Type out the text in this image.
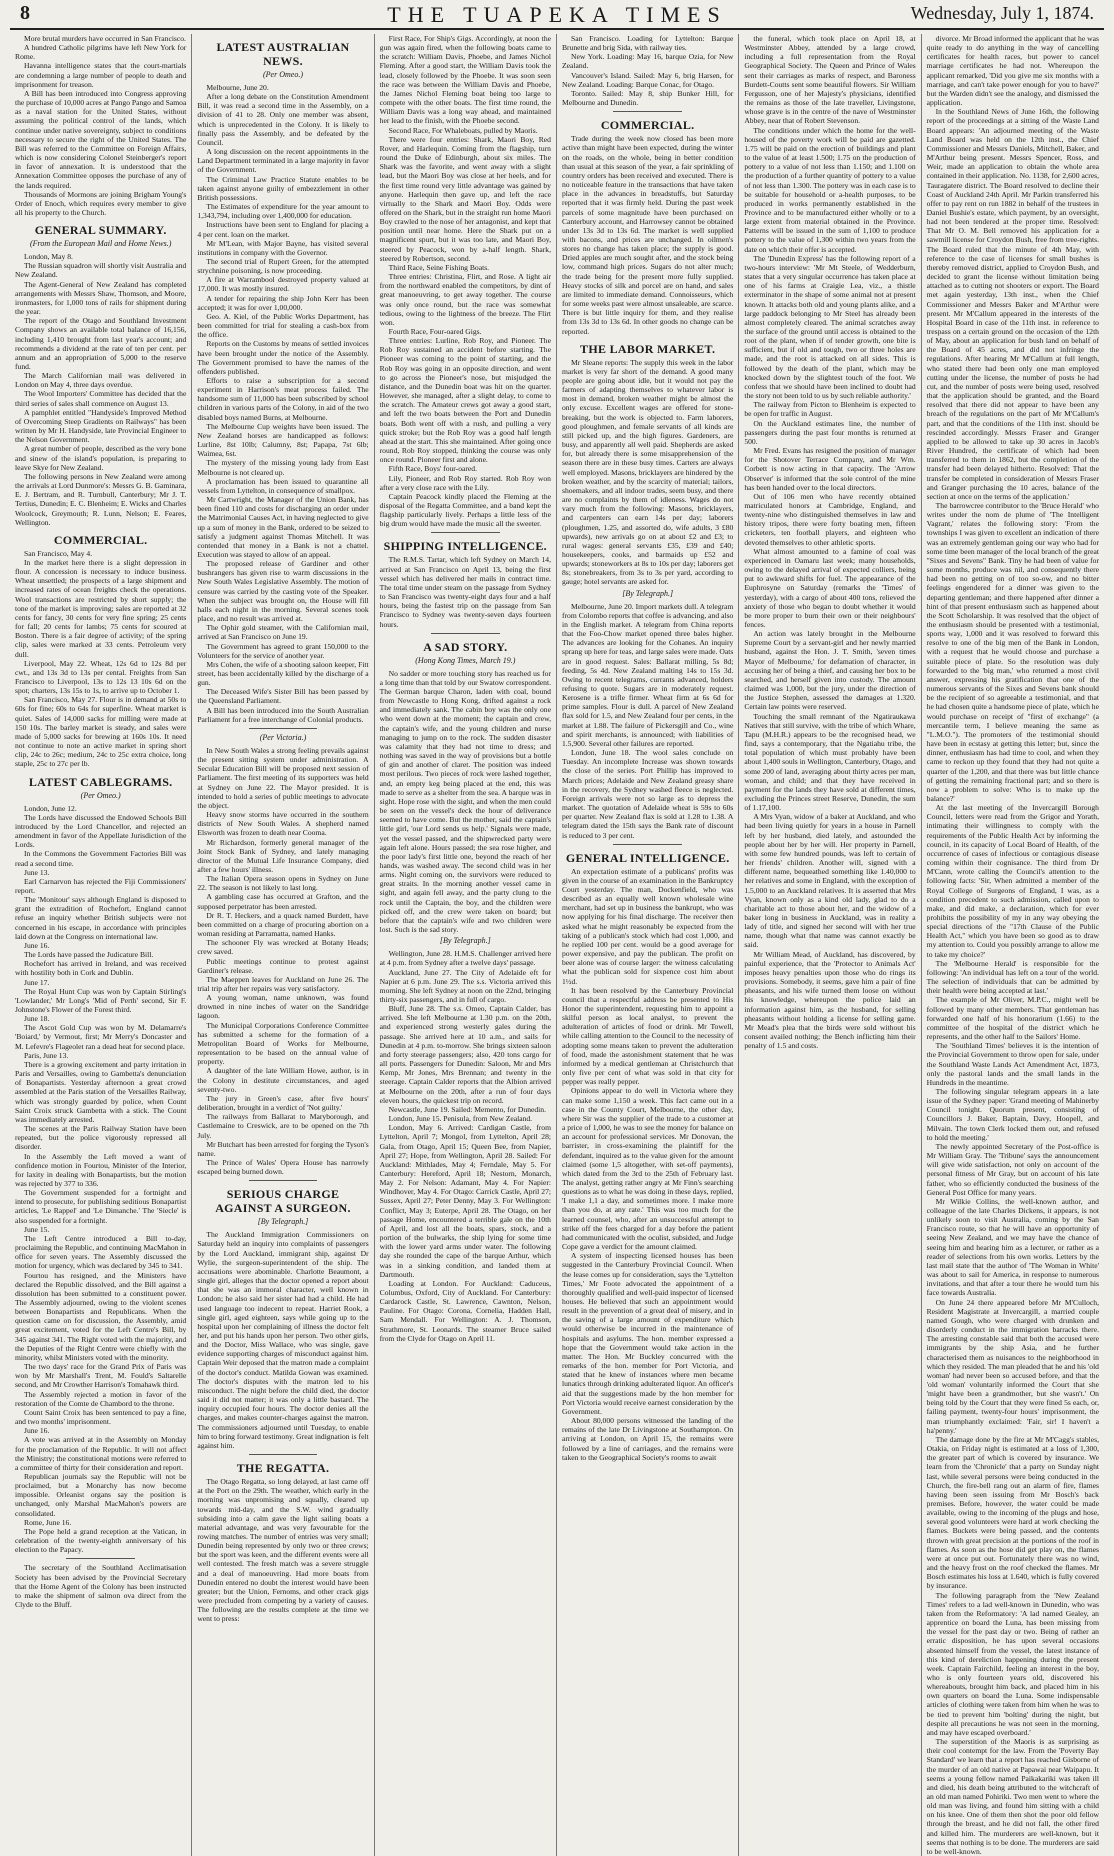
8	THE TUAPEKA TIMES	Wednesday, July 1, 1874.

More brutal murders have occurred in San Francisco.

A hundred Catholic pilgrims have left New York for Rome.

Havanna intelligence states that the court-martials are condemning a large number of people to death and imprisonment for treason.

A Bill has been introduced into Congress approving the purchase of 10,000 acres at Pango Pango and Samoa as a naval station for the United States, without assuming the political control of the lands, which continue under native sovereignty, subject to conditions necessary to secure the right of the United States. The Bill was referred to the Committee on Foreign Affairs, which is now considering Colonel Steinberger's report in favor of annexation. It is understood that the Annexation Committee opposes the purchase of any of the lands required.

Thousands of Mormons are joining Brigham Young's Order of Enoch, which requires every member to give all his property to the Church.

GENERAL SUMMARY.
(From the European Mail and Home News.)

London, May 8.

The Russian squadron will shortly visit Australia and New Zealand.

The Agent-General of New Zealand has completed arrangements with Messrs Shaw, Thomson, and Moore, ironmasters, for 1,000 tons of rails for shipment during the year.

The report of the Otago and Southland Investment Company shows an available total balance of 16,156, including 1,410 brought from last year's account; and recommends a dividend at the rate of ten per cent. per annum and an appropriation of 5,000 to the reserve fund.

The March Californian mail was delivered in London on May 4, three days overdue.

The Wool Importers' Committee has decided that the third series of sales shall commence on August 13.

A pamphlet entitled "Handyside's Improved Method of Overcoming Steep Gradients on Railways" has been written by Mr H. Handyside, late Provincial Engineer to the Nelson Government.

A great number of people, described as the very bone and sinew of the island's population, is preparing to leave Skye for New Zealand.

The following persons in New Zealand were among the arrivals at Lord Dunmore's: Messrs G. B. Gaminara, E. J. Bertram, and R. Turnbull, Canterbury; Mr J. T. Tertius, Dunedin; E. C. Blenheim; E. Wicks and Charles Woolcock, Greymouth; R. Lunn, Nelson; E. Feares, Wellington.

COMMERCIAL.

San Francisco, May 4.

In the market here there is a slight depression in flour. A concession is necessary to induce business. Wheat unsettled; the prospects of a large shipment and increased rates of ocean freights check the operations. Wool transactions are restricted by short supply; the tone of the market is improving; sales are reported at 32 cents for fancy, 30 cents for very fine spring; 25 cents for fall; 20 cents for lambs; 75 cents for scoured at Boston. There is a fair degree of activity; of the spring clip, sales were marked at 33 cents. Petroleum very dull.

Liverpool, May 22. Wheat, 12s 6d to 12s 8d per cwt., and 13s 3d to 13s per cental. Freights from San Francisco to Liverpool, 13s to 12s 13 10s 6d on the spot; charters, 13s 15s to 1s, to arrive up to October 1.

San Francisco, May 27. Flour is in demand at 50s to 60s for fine; 60s to 64s for superfine. Wheat market is quiet. Sales of 14,000 sacks for milling were made at 150 10s. The barley market is steady, and sales were made of 5,000 sacks for brewing at 160s 10s. It need not continue to note an active market in spring short clip, 24c to 26c; medium, 24c to 25c extra choice, long staple, 25c to 27c per lb.

LATEST CABLEGRAMS.
(Per Omeo.)

London, June 12.

The Lords have discussed the Endowed Schools Bill introduced by the Lord Chancellor, and rejected an amendment in favor of the Appellate Jurisdiction of the Lords.

In the Commons the Government Factories Bill was read a second time.

June 13.

Earl Carnarvon has rejected the Fiji Commissioners' report.

The 'Monitour' says although England is disposed to grant the extradition of Rochefort, England cannot refuse an inquiry whether British subjects were not concerned in his escape, in accordance with principles laid down at the Congress on international law.

June 16.

The Lords have passed the Judicature Bill.

Rochefort has arrived in Ireland, and was received with hostility both in Cork and Dublin.

June 17.

The Royal Hunt Cup was won by Captain Stirling's 'Lowlander,' Mr Long's 'Mid of Perth' second, Sir F. Johnstone's Flower of the Forest third.

June 18.

The Ascot Gold Cup was won by M. Delamarre's 'Boiard,' by Vermout, first; Mr Merry's Doncaster and M. Lefevre's Flageolet ran a dead heat for second place.

Paris, June 13.

There is a growing excitement and party irritation in Paris and Versailles, owing to Gambetta's denunciation of Bonapartists. Yesterday afternoon a great crowd assembled at the Paris station of the Versailles Railway, which was strongly guarded by police, when Count Saint Croix struck Gambetta with a stick. The Count was immediately arrested.

The scenes at the Paris Railway Station have been repeated, but the police vigorously repressed all disorder.

In the Assembly the Left moved a want of confidence motion in Fourtou, Minister of the Interior, for laxity in dealing with Bonapartists, but the motion was rejected by 377 to 336.

The Government suspended for a fortnight and intend to prosecute, for publishing seditious Bonapartist articles, 'Le Rappel' and 'Le Dimanche.' The 'Siecle' is also suspended for a fortnight.

June 15.

The Left Centre introduced a Bill to-day, proclaiming the Republic, and continuing MacMahon in office for seven years. The Assembly discussed the motion for urgency, which was declared by 345 to 341.

Fourtou has resigned, and the Ministers have declared the Republic dissolved, and the Bill against a dissolution has been submitted to a constituent power. The Assembly adjourned, owing to the violent scenes between Bonapartists and Republicans. When the question came on for discussion, the Assembly, amid great excitement, voted for the Left Centre's Bill, by 345 against 341. The Right voted with the majority, and the Deputies of the Right Centre were chiefly with the minority, whilst Ministers voted with the minority.

The two days' race for the Grand Prix of Paris was won by Mr Marshall's Trent, M. Fould's Saltarelle second, and Mr Crowther Harrison's Tomahawk third.

The Assembly rejected a motion in favor of the restoration of the Comte de Chambord to the throne.

Count Saint Croix has been sentenced to pay a fine, and two months' imprisonment.

June 16.

A vote was arrived at in the Assembly on Monday for the proclamation of the Republic. It will not affect the Ministry; the constitutional motions were referred to a committee of thirty for their consideration and report.

Republican journals say the Republic will not be proclaimed, but a Monarchy has now become impossible. Orleanist organs say the position is unchanged, only Marshal MacMahon's powers are consolidated.

Rome, June 16.

The Pope held a grand reception at the Vatican, in celebration of the twenty-eighth anniversary of his election to the Papacy.

The secretary of the Southland Acclimatisation Society has been advised by the Provincial Secretary that the Home Agent of the Colony has been instructed to make the shipment of salmon ova direct from the Clyde to the Bluff.

LATEST AUSTRALIAN NEWS.
(Per Omeo.)

Melbourne, June 20.

After a long debate on the Constitution Amendment Bill, it was read a second time in the Assembly, on a division of 41 to 28. Only one member was absent, which is unprecedented in the Colony. It is likely to finally pass the Assembly, and be defeated by the Council.

A long discussion on the recent appointments in the Land Department terminated in a large majority in favor of the Government.

The Criminal Law Practice Statute enables to be taken against anyone guilty of embezzlement in other British possessions.

The Estimates of expenditure for the year amount to 1,343,794, including over 1,400,000 for education.

Instructions have been sent to England for placing a 4 per cent. loan on the market.

Mr M'Lean, with Major Bayne, has visited several institutions in company with the Governor.

The second trial of Rupert Green, for the attempted strychnine poisoning, is now proceeding.

A fire at Warrambool destroyed property valued at 17,000. It was mostly insured.

A tender for repairing the ship John Kerr has been accepted; it was for over 1,00,000.

Geo. A. Kiel, of the Public Works Department, has been committed for trial for stealing a cash-box from the office.

Reports on the Customs by means of settled invoices have been brought under the notice of the Assembly. The Government promised to have the names of the offenders published.

Efforts to raise a subscription for a second experiment in Harrison's meat process failed. The handsome sum of 11,000 has been subscribed by school children in various parts of the Colony, in aid of the two disabled boys named Burns, at Melbourne.

The Melbourne Cup weights have been issued. The New Zealand horses are handicapped as follows: Lurline, 8st 10lb; Calumny, 8st; Papapa, 7st 6lb; Waimea, 6st.

The mystery of the missing young lady from East Melbourne is not cleared up.

A proclamation has been issued to quarantine all vessels from Lyttelton, in consequence of smallpox.

Mr Cartwright, the Manager of the Union Bank, has been fined 110 and costs for discharging an order under the Matrimonial Causes Act, in having neglected to give up a sum of money in the Bank, ordered to be seized to satisfy a judgment against Thomas Mitchell. It was contended that money in a Bank is not a chattel. Execution was stayed to allow of an appeal.

The proposed release of Gardiner and other bushrangers has given rise to warm discussions in the New South Wales Legislative Assembly. The motion of censure was carried by the casting vote of the Speaker. When the subject was brought on, the House will fill halls each night in the morning. Several scenes took place, and no result was arrived at.

The Ophir gold steamer, with the Californian mail, arrived at San Francisco on June 19.

The Government has agreed to grant 150,000 to the Volunteers for the service of another year.

Mrs Cohen, the wife of a shooting saloon keeper, Fitt street, has been accidentally killed by the discharge of a gun.

The Deceased Wife's Sister Bill has been passed by the Queensland Parliament.

A Bill has been introduced into the South Australian Parliament for a free interchange of Colonial products.

(Per Victoria.)

In New South Wales a strong feeling prevails against the present sitting system under administration. A Secular Education Bill will be proposed next session of Parliament. The first meeting of its supporters was held at Sydney on June 22. The Mayor presided. It is intended to hold a series of public meetings to advocate the object.

Heavy snow storms have occurred in the southern districts of New South Wales. A shepherd named Elsworth was frozen to death near Cooma.

Mr Richardson, formerly general manager of the Joint Stock Bank of Sydney, and lately managing director of the Mutual Life Insurance Company, died after a few hours' illness.

The Italian Opera season opens in Sydney on June 22. The season is not likely to last long.

A gambling case has occurred at Grafton, and the supposed perpetrator has been arrested.

Dr R. T. Heckers, and a quack named Burdett, have been committed on a charge of procuring abortion on a woman residing at Parramatta, named Hanks.

The schooner Fly was wrecked at Botany Heads; crew saved.

Public meetings continue to protest against Gardiner's release.

The Maeppen leaves for Auckland on June 26. The trial trip after her repairs was very satisfactory.

A young woman, name unknown, was found drowned in nine inches of water on the Sandridge lagoon.

The Municipal Corporations Conference Committee has submitted a scheme for the formation of a Metropolitan Board of Works for Melbourne, representation to be based on the annual value of property.

A daughter of the late William Howe, author, is in the Colony in destitute circumstances, and aged seventy-two.

The jury in Green's case, after five hours' deliberation, brought in a verdict of 'Not guilty.'

The railways from Ballarat to Maryborough, and Castlemaine to Creswick, are to be opened on the 7th July.

Mr Butchart has been arrested for forging the Tyson's name.

The Prince of Wales' Opera House has narrowly escaped being burned down.

SERIOUS CHARGE AGAINST A SURGEON.
[By Telegraph.]

The Auckland Immigration Commissioners on Saturday held an inquiry into complaints of passengers by the Lord Auckland, immigrant ship, against Dr Wylie, the surgeon-superintendent of the ship. The accusations were abominable. Charlotte Beaumont, a single girl, alleges that the doctor opened a report about that she was an immoral character, well known in London; he also said her sister had had a child. He had used language too indecent to repeat. Harriet Rook, a single girl, aged eighteen, says while going up to the hospital upon her complaining of illness the doctor felt her, and put his hands upon her person. Two other girls, and the Doctor, Miss Wallace, who was single, gave evidence supporting charges of misconduct against him. Captain Weir deposed that the matron made a complaint of the doctor's conduct. Matilda Gowan was examined. The doctor's disputes with the matron led to his misconduct. The night before the child died, the doctor said it did not matter; it was only a little bastard. The inquiry occupied four hours. The doctor denies all the charges, and makes counter-charges against the matron. The commissioners adjourned until Tuesday, to enable him to bring forward testimony. Great indignation is felt against him.

THE REGATTA.

The Otago Regatta, so long delayed, at last came off at the Port on the 29th. The weather, which early in the morning was unpromising and squally, cleared up towards mid-day, and the S.W. wind gradually subsiding into a calm gave the light sailing boats a material advantage, and was very favourable for the rowing matches. The number of entries was very small; Dunedin being represented by only two or three crews; but the sport was keen, and the different events were all well contested. The fresh match was a severe struggle and a deal of manoeuvring. Had more boats from Dunedin entered no doubt the interest would have been greater; but the Union, Fernoms, and other crack gigs were precluded from competing by a variety of causes. The following are the results complete at the time we went to press:

First Race, For Ship's Gigs. Accordingly, at noon the gun was again fired, when the following boats came to the scratch: William Davis, Phoebe, and James Nichol Fleming. After a good start, the William Davis took the lead, closely followed by the Phoebe. It was soon seen the race was between the William Davis and Phoebe, the James Nichol Fleming boat being too large to compete with the other boats. The first time round, the William Davis was a long way ahead, and maintained her lead to the finish, with the Phoebe second.

Second Race, For Whaleboats, pulled by Maoris.

There were four entries: Shark, Maori Boy, Red Rover, and Harlequin. Coming from the flagship, turn round the Duke of Edinburgh, about six miles. The Shark was the favorite, and went away with a slight lead, but the Maori Boy was close at her heels, and for the first time round very little advantage was gained by anyone. Harlequin then gave up, and left the race virtually to the Shark and Maori Boy. Odds were offered on the Shark, but in the straight run home Maori Boy crawled to the nose of her antagonist, and kept that position until near home. Here the Shark put on a magnificent spurt, but it was too late, and Maori Boy, steered by Peacock, won by a-half length. Shark, steered by Robertson, second.

Third Race, Seine Fishing Boats.

Three entries: Christina, Flirt, and Rose. A light air from the northward enabled the competitors, by dint of great manoeuvring, to get away together. The course was only once round, but the race was somewhat tedious, owing to the lightness of the breeze. The Flirt won.

Fourth Race, Four-oared Gigs.

Three entries: Lurline, Rob Roy, and Pioneer. The Rob Roy sustained an accident before starting. The Pioneer was coming to the point of starting, and the Rob Roy was going in an opposite direction, and went to go across the Pioneer's nose, but misjudged the distance, and the Dunedin boat was hit on the quarter. However, she managed, after a slight delay, to come to the scratch. The Amateur crews got away a good start, and left the two boats between the Port and Dunedin boats. Both went off with a rush, and pulling a very quick stroke; but the Rob Roy was a good half length ahead at the start. This she maintained. After going once round, Rob Roy stopped, thinking the course was only once round. Pioneer first and alone.

Fifth Race, Boys' four-oared.

Lily, Pioneer, and Rob Roy started. Rob Roy won after a very close race with the Lily.

Captain Peacock kindly placed the Fleming at the disposal of the Regatta Committee, and a band kept the flagship particularly lively. Perhaps a little less of the big drum would have made the music all the sweeter.

SHIPPING INTELLIGENCE.

The R.M.S. Tartar, which left Sydney on March 14, arrived at San Francisco on April 13, being the first vessel which has delivered her mails in contract time. The total time under steam on the passage from Sydney to San Francisco was twenty-eight days four and a half hours, being the fastest trip on the passage from San Francisco to Sydney was twenty-seven days fourteen hours.

A SAD STORY.
(Hong Kong Times, March 19.)

No sadder or more touching story has reached us for a long time than that told by our Swatow correspondent. The German barque Charon, laden with coal, bound from Newcastle to Hong Kong, drifted against a rock and immediately sank. The cabin boy was the only one who went down at the moment; the captain and crew, the captain's wife, and the young children and nurse managing to jump on to the rock. The sudden disaster was calamity that they had not time to dress; and nothing was saved in the way of provisions but a bottle of gin and another of claret. The position was indeed most perilous. Two pieces of rock were lashed together, and, an empty keg being placed at the end, this was made to serve as a shelter from the sea. A barque was in sight. Hope rose with the sight, and when the men could be seen on the vessel's deck the hour of deliverance seemed to have come. But the mother, said the captain's little girl, 'our Lord sends us help.' Signals were made, yet the vessel passed, and the shipwrecked party were again left alone. Hours passed; the sea rose higher, and the poor lady's first little one, beyond the reach of her hands, was washed away. The second child was in her arms. Night coming on, the survivors were reduced to great straits. In the morning another vessel came in sight, and again fell away, and the party clung to the rock until the Captain, the boy, and the children were picked off, and the crew were taken on board; but before that the captain's wife and two children were lost. Such is the sad story.

[By Telegraph.]

Wellington, June 28. H.M.S. Challenger arrived here at 4 p.m. from Sydney after a twelve days' passage.

Auckland, June 27. The City of Adelaide eft for Napier at 6 p.m. June 29. The s.s. Victoria arrived this morning. She left Sydney at noon on the 22nd, bringing thirty-six passengers, and in full of cargo.

Bluff, June 28. The s.s. Omeo, Captain Calder, has arrived. She left Melbourne at 1.30 p.m. on the 20th, and experienced strong westerly gales during the passage. She arrived here at 10 a.m., and sails for Dunedin at 4 p.m. to-morrow. She brings sixteen saloon and forty steerage passengers; also, 420 tons cargo for all ports. Passengers for Dunedin: Saloon, Mr and Mrs Kemp, Mr Jones, Mrs Brennan; and twenty in the steerage. Captain Calder reports that the Albion arrived at Melbourne on the 20th, after a run of four days eleven hours, the quickest trip on record.

Newcastle, June 19. Sailed: Memento, for Dunedin.

London, June 15. Penisula, from New Zealand.

London, May 6. Arrived: Cardigan Castle, from Lyttelton, April 7; Mongol, from Lyttelton, April 28; Gala, from Otago, April 15; Queen Bee, from Napier, April 27; Hope, from Wellington, April 28. Sailed: For Auckland: Mithlades, May 4; Ferndale, May 5. For Canterbury: Hereford, April 18; Nestorn, Monarch, May 2. For Nelson: Adamant, May 4. For Napier: Windhover, May 4. For Otago: Carrick Castle, April 27; Sussex, April 27; Peter Denny, May 3. For Wellington: Conflict, May 3; Euterpe, April 28. The Otago, on her passage Home, encountered a terrible gale on the 10th of April, and lost all the boats, spars, stock, and a portion of the bulwarks, the ship lying for some time with the lower yard arms under water. The following day she rounded the cape of the barque Arthur, which was in a sinking condition, and landed them at Dartmouth.

Loading at London. For Auckland: Caduceus, Columbus, Oxford, City of Auckland. For Canterbury: Cardarock Castle, St. Lawrence, Cawnton, Nelson, Pauline. For Otago: Corona, Cornelia, Hadden Hall, Sam Mendall. For Wellington: A. J. Thomson, Strathmore, St. Leonards. The steamer Bruce sailed from the Clyde for Otago on April 11.

San Francisco. Loading for Lyttelton: Barque Brunette and brig Sida, with railway ties.

New York. Loading: May 16, barque Ozia, for New Zealand.

Vancouver's Island. Sailed: May 6, brig Harsen, for New Zealand. Loading: Barque Conac, for Otago.

Toronto. Sailed: May 8, ship Bunker Hill, for Melbourne and Dunedin.

COMMERCIAL.

Trade during the week now closed has been more active than might have been expected, during the winter on the roads, on the whole, being in better condition than usual at this season of the year, a fair sprinkling of country orders has been received and executed. There is no noticeable feature in the transactions that have taken place in the advances in breadstuffs, but Saturday reported that it was firmly held. During the past week parcels of some magnitude have been purchased on Canterbury account, and Harrowsey cannot be obtained under 13s 3d to 13s 6d. The market is well supplied with bacons, and prices are unchanged. In oilmen's stores no change has taken place; the supply is good. Dried apples are much sought after, and the stock being low, command high prices. Sugars do not alter much; the trade being for the present more fully supplied. Heavy stocks of silk and porcel are on hand, and sales are limited to immediate demand. Connoisseurs, which for some weeks past were almost unsaleable, are scarce. There is but little inquiry for them, and they realise from 13s 3d to 13s 6d. In other goods no change can be reported.

THE LABOR MARKET.

Mr Sleane reports: The supply this week in the labor market is very far short of the demand. A good many people are going about idle, but it would not pay the farmers of adapting themselves to whatever labor is most in demand, broken weather might be almost the only excuse. Excellent wages are offered for stone-breaking, but the work is objected to. Farm laborers, good ploughmen, and female servants of all kinds are still picked up, and the high figures. Gardeners, are busy, and apparently all well paid. Shepherds are asked for, but already there is some misapprehension of the season there are in these busy times. Carters are always well employed. Masons, bricklayers are hindered by the broken weather, and by the scarcity of material; tailors, shoemakers, and all indoor trades, seem busy, and there are no complaints by them of idleness. Wages do not vary much from the following: Masons, bricklayers, and carpenters can earn 14s per day; laborers (ploughmen, 1.25, and assorted do, wife adults, 3 £80 upwards), new arrivals go on at about £2 and £3; to rural wages: general servants £35, £39 and £40; housekeepers, cooks, and barmaids up £52 and upwards; stoneworkers at 8s to 10s per day; laborers get 8s; stonebreakers, from 3s to 3s per yard, according to gauge; hotel servants are asked for.

[By Telegraph.]

Melbourne, June 20. Import markets dull. A telegram from Colombo reports that coffee is advancing, and also in the English market. A telegram from China reports that the Foo-Chow market opened three bales higher. The advances are looking for the Cohanes. An inquiry sprang up here for teas, and large sales were made. Oats are in good request. Sales: Ballarat milling, 5s 8d; feeding, 5s 4d. New Zealand malting 14s to 15s 3d. Owing to recent telegrams, currants advanced, holders refusing to quote. Sugars are in moderately request. Kerosene is a trifle firmer. Wheat firm at 6s 6d for prime samples. Flour is dull. A parcel of New Zealand flax sold for 1.5, and New Zealand four per cents, in the market at 1.88. The failure of Pickersgill and Co., wine and spirit merchants, is announced; with liabilities of 1.5,900. Several other failures are reported.

London, June 18. The wool sales conclude on Tuesday. An incomplete Increase was shown towards the close of the series. Port Phillip has improved to March prices; Adelaide and New Zealand greasy share in the recovery, the Sydney washed fleece is neglected. Foreign arrivals were not so large as to depress the market. The quotation of Adelaide wheat is 59s to 60s per quarter. New Zealand flax is sold at 1.28 to 1.38. A telegram dated the 15th says the Bank rate of discount is reduced to 3 per cent.

GENERAL INTELLIGENCE.

An expectation estimate of a publicans' profits was given in the course of an examination in the Bankruptcy Court yesterday. The man, Dockenfield, who was described as an equally well known wholesale wine merchant, had set up in business the bankrupt, who was now applying for his final discharge. The receiver then asked what he might reasonably be expected from the taking of a publican's stock which had cost 1,000, and he replied 100 per cent. would be a good average for power expensive, and pay the publican. The profit on beer alone was of course larger: the witness calculating what the publican sold for sixpence cost him about 1½d.

It has been resolved by the Canterbury Provincial council that a respectful address be presented to His Honor the superintendent, requesting him to appoint a skilful person as local analyst, to prevent the adulteration of articles of food or drink. Mr Towell, while calling attention to the Council to the necessity of adopting some means taken to prevent the adulteration of food, made the astonishment statement that he was informed by a medical gentleman at Christchurch that only five per cent of what was sold in that city for pepper was really pepper.

Opinions appear to do well in Victoria where they can make some 1,150 a week. This fact came out in a case in the County Court, Melbourne, the other day, where Sir was the supplier of the trade to a customer at a price of 1,000, he was to see the money for balance on an account for professional services. Mr Donovan, the barrister, in cross-examining the plaintiff for the defendant, inquired as to the value given for the amount claimed (some 1,5 altogether, with set-off payments), which dated from the 3rd to the 25th of February last. The analyst, getting rather angry at Mr Finn's searching questions as to what he was doing in these days, replied, 'I make 1,1 a day, and sometimes more. I make more than you do, at any rate.' This was too much for the learned counsel, who, after an unsuccessful attempt to strike off the fees charged for a day before the patient had communicated with the oculist, subsided, and Judge Cope gave a verdict for the amount claimed.

A system of inspecting licensed houses has been suggested in the Canterbury Provincial Council. When the lease comes up for consideration, says the 'Lyttelton Times,' Mr Foote advocated the appointment of a thoroughly qualified and well-paid inspector of licensed houses. He believed that such an appointment would result in the prevention of a great deal of misery, and in the saving of a large amount of expenditure which would otherwise be incurred in the maintenance of hospitals and asylums. The hon. member expressed a hope that the Government would take action in the matter. The Hon. Mr Buckley concurred with the remarks of the hon. member for Port Victoria, and stated that he knew of instances where men became lunatics through drinking adulterated liquor. An officer's aid that the suggestions made by the hon member for Port Victoria would receive earnest consideration by the Government.

About 80,000 persons witnessed the landing of the remains of the late Dr Livingstone at Southampton. On arriving at London, on April 15, the remains were followed by a line of carriages, and the remains were taken to the Geographical Society's rooms to await

the funeral, which took place on April 18, at Westminster Abbey, attended by a large crowd, including a full representation from the Royal Geographical Society. The Queen and Prince of Wales sent their carriages as marks of respect, and Baroness Burdett-Coutts sent some beautiful flowers. Sir William Fergusson, one of her Majesty's physicians, identified the remains as those of the late traveller, Livingstone, whose grave is in the centre of the nave of Westminster Abbey, near that of Robert Stevenson.

The conditions under which the home for the well-housed of the poverty work will be paid are gazetted. 1.75 will be paid on the erection of buildings and plant to the value of at least 1.500; 1.75 on the production of pottery to a value of not less than 1.150; and 1.100 on the production of a further quantity of pottery to a value of not less than 1.300. The pottery was in each case is to be suitable for household or a-health purposes, to be produced in works permanently established in the Province and to be manufactured either wholly or to a large extent from material obtained in the Province. Patterns will be issued in the sum of 1,100 to produce pottery to the value of 1,300 within two years from the date on which their offer is accepted.

The 'Dunedin Express' has the following report of a two-hours interview: 'Mr Mt Steele, of Wedderburn, states that a very singular occurrence has taken place at one of his farms at Craigie Lea, viz., a thistle exterminator in the shape of some animal not at present known. It attacks both old and young plants alike, and a large paddock belonging to Mr Steel has already been almost completely cleared. The animal scratches away the surface of the ground until access is obtained to the root of the plant, when if of tender growth, one bite is sufficient, but if old and tough, two or three holes are made, and the root is attacked on all sides. This is followed by the death of the plant, which may be knocked down by the slightest touch of the foot. We confess that we should have been inclined to doubt had the story not been told to us by such reliable authority.'

The railway from Picton to Blenheim is expected to be open for traffic in August.

On the Auckland estimates line, the number of passengers during the past four months is returned at 500.

Mr Fred. Evans has resigned the position of manager for the Shotover Terrace Company, and Mr Wm. Corbett is now acting in that capacity. The 'Arrow Observer' is informed that the sole control of the mine has been handed over to the local directors.

Out of 106 men who have recently obtained matriculated honors at Cambridge, England, and twenty-nine who distinguished themselves in law and history tripos, there were forty boating men, fifteen cricketers, ten football players, and eighteen who devoted themselves to other athletic sports.

What almost amounted to a famine of coal was experienced in Oamaru last week; many households, owing to the delayed arrival of expected colliers, being put to awkward shifts for fuel. The appearance of the Euphrosyne on Saturday (remarks the 'Times' of yesterday), with a cargo of about 400 tons, relieved the anxiety of those who began to doubt whether it would be more proper to burn their own or their neighbours' fences.

An action was lately brought in the Melbourne Supreme Court by a servant-girl and her newly married husband, against the Hon. J. T. Smith, 'seven times Mayor of Melbourne,' for defamation of character, in accusing her of being a thief, and causing her box to be searched, and herself given into custody. The amount claimed was 1,000, but the jury, under the direction of the Justice Stephen, assessed the damages at 1.320. Certain law points were reserved.

Touching the small remnant of the Ngatiraukawa Natives that still survive, with the tribe of which Whare, Tapu (M.H.R.) appears to be the recognised head, we find, says a contemporary, that the Ngatiahu tribe, the total population of which must probably have been about 1,400 souls in Wellington, Canterbury, Otago, and some 200 of land, averaging about thirty acres per man, woman, and child; and that they have received in payment for the lands they have sold at different times, excluding the Princes street Reserve, Dunedin, the sum of 1.17,100.

A Mrs Vyan, widow of a baker at Auckland, and who had been living quietly for years in a house in Parnell left by her husband, died lately, and astounded the people about her by her will. Her property in Parnell, with some few hundred pounds, was left to certain of her friends' children. Another will, signed with a different name, bequeathed something like 1.40,000 to her relatives and some in England, with the exception of 1.5,000 to an Auckland relatives. It is asserted that Mrs Vyan, known only as a kind old lady, glad to do a charitable act to those about her, and the widow of a baker long in business in Auckland, was in reality a lady of title, and signed her second will with her true name, though what that name was cannot exactly be said.

Mr William Mead, of Auckland, has discovered, by painful experience, that the 'Protector to Animals Act' imposes heavy penalties upon those who do rings its provisions. Somebody, it seems, gave him a pair of fine pheasants, and his wife turned them loose on without his knowledge, whereupon the police laid an information against him, as the husband, for selling pheasants without holding a license for selling game. Mr Mead's plea that the birds were sold without his consent availed nothing; the Bench inflicting him their penalty of 1.5 and costs.

divorce. Mr Broad informed the applicant that he was quite ready to do anything in the way of cancelling certificates for health races, but power to cancel marriage certificates he had not. Whereupon the applicant remarked, 'Did you give me six months with a marriage, and can't take power enough for you to have?' but the Warden didn't see the analogy, and dismissed the application.

In the Southland News of June 16th, the following report of the proceedings at a sitting of the Waste Land Board appears: 'An adjourned meeting of the Waste Land Board was held on the 12th inst., the Chief Commissioner and Messrs Daniels, Mitchell, Baker, and M'Arthur being present. Messrs Spencer, Ross, and Weir, made an application to obtain the whole area contained in their application. No. 1138, for 2,600 acres, Tauragatere district. The Board resolved to decline their Coast of Auckland 24th April. Mr Parkin transferred his offer to pay rent on run 1882 in behalf of the trustees in Daniel Bushie's estate, which payment, by an oversight, had not been tendered at the proper time. Resolved: That Mr O. M. Bell removed his application for a sawmill license for Croydon Bush, free from tree-rights. The Board ruled that the minute of 4th May, with reference to the case of licenses for small bushes is thereby removed district, applied to Croydon Bush, and decided to grant the license without limitation being attached as to cutting not shooters or export. The Board met again yesterday, 13th inst., when the Chief Commissioner and Messrs Baker and M'Arthur were present. Mr M'Callum appeared in the interests of the Hospital Board in case of the 11th inst. in reference to trespass on a certain ground on the occasion of the 12th of May, about an application for bush land on behalf of the Board of 45 acres, and did not infringe the regulations. After hearing Mr M'Callum at full length, who stated there had been only one man employed cutting under the license, the number of posts he had cut, and the number of posts were being used, resolved that the application should be granted, and the Board resolved that there did not appear to have been any breach of the regulations on the part of Mr M'Callum's part, and that the conditions of the 11th inst. should be rescinded accordingly. Messrs Fraser and Granger applied to be allowed to take up 30 acres in Jacob's River Hundred, the certificate of which had been transferred to them in 1862, but the completion of the transfer had been delayed hitherto. Resolved: That the transfer be completed in consideration of Messrs Fraser and Granger purchasing the 10 acres, balance of the section at once on the terms of the application.'

The barrowcree contributor to the 'Bruce Herald' who writes under the nom de plume of 'The Intelligent Vagrant,' relates the following story: 'From the townships I was given to excellent an indication of there was an extremely gentleman going our way who had for some time been manager of the local branch of the great "Sixes and Sevens" Bank. Tiny he had been of value for some months, produce was nil, and consequently there had been no getting on of too so-ow, and no bitter feelings engendered for a dinner was given to the departing gentleman; and there happened after dinner a hint of that present enthusiasm such as happened about the Scott Scholarship. It was resolved that the object of the enthusiasm should be presented with a testimonial, sports way, 1,000 and it was resolved to forward this resolve to one of the big men of the Bank in London, with a request that he would choose and purchase a suitable piece of plate. So the resolution was duly forwarded to the 'big man,' who returned a most civil answer, expressing his gratification that one of the numerous servants of the Sixes and Sevens bank should be the recipient of so agreeable a testimonial, and that he had chosen quite a handsome piece of plate, which he would purchase on receipt of "first of exchange" (a mercantile term, I believe meaning the same as "L.M.O."). The promoters of the testimonial should have been in ecstasy at getting this letter; but, since the dinner, enthusiasm has had time to cool, and when they came to reckon up they found that they had not quite a quarter of the 1,200, and that there was but little chance of getting the remaining fractional part; and so there is now a problem to solve: Who is to make up the balance?'

At the last meeting of the Invercargill Borough Council, letters were read from the Grigor and Yorath, intimating their willingness to comply with the requirements of the Public Health Act by informing the council, in its capacity of Local Board of Health, of the occurrence of cases of infectious or contagious disease coming within their cognisance. The third from Dr M'Cann, wrote calling the Council's attention to the following facts: 'Sir, When admitted a member of the Royal College of Surgeons of England, I was, as a condition precedent to such admission, called upon to make, and did make, a declaration, which for ever prohibits the possibility of my in any way obeying the special directions of the "17th Clause of the Public Health Act," which you have been so good as to draw my attention to. Could you possibly arrange to allow me to take my choice?'

The 'Melbourne Herald' is responsible for the following: 'An individual has left on a tour of the world. The selection of individuals that can be admitted by their health were being accepted at last.'

The example of Mr Oliver, M.P.C., might well be followed by many other members. That gentleman has forwarded one half of his honorarium (1.66) to the committee of the hospital of the district which he represents, and the other half to the Sailors' Home.

The 'Southland Times' believes it is the intention of the Provincial Government to throw open for sale, under the Southland Waste Lands Act Amendment Act, 1873, only the pastoral lands and the small lands in the Hundreds in the meantime.

The following singular telegram appears in a late issue of the Sydney paper: 'Grand meeting of Mahinerby Council tonight. Quorum present, consisting of Councillors J. Baker, Baptain, Davy, Hoopell, and Milvain. The town Clerk locked them out, and refused to hold the meeting.'

The newly appointed Secretary of the Post-office is Mr William Gray. The 'Tribune' says the announcement will give wide satisfaction, not only on account of the personal fitness of Mr Gray, but on account of his late father, who so efficiently conducted the business of the General Post Office for many years.

Mr Wilkie Collins, the well-known author, and colleague of the late Charles Dickens, it appears, is not unlikely soon to visit Australia, coming by the San Francisco route, so that he will have an opportunity of seeing New Zealand, and we may have the chance of seeing him and hearing him as a lecturer, or rather as a reader of selections from his own works. Letters by the last mail state that the author of 'The Woman in White' was about to sail for America, in response to numerous invitations, and that after a tour there he would turn his face towards Australia.

On June 24 there appeared before Mr M'Culloch, Resident Magistrate at Invercargill, a married couple named Gough, who were charged with drunken and disorderly conduct in the immigration barracks there. The arresting constable said that both the accused were immigrants by the ship Asia, and he further characterised them as nuisances to the neighborhood in which they resided. The man pleaded that he and his 'old woman' had never been so accused before, and that the 'old woman' voluntarily informed the Court that she 'might have been a grandmother, but she wasn't.' On being told by the Court that they were fined 5s each, or, failing payment, twenty-four hours' imprisonment, the man triumphantly exclaimed: 'Fair, sir! I haven't a ha'penny.'

The damage done by the fire at Mr M'Cagg's stables, Otakia, on Friday night is estimated at a loss of 1,300, the greater part of which is covered by insurance. We learn from the 'Chronicle' that a party on Sunday night last, while several persons were being conducted in the Church, the fire-bell rang out an alarm of fire, flames having been seen issuing from Mr Bosch's back premises. Before, however, the water could be made available, owing to the incoming of the plugs and hose, several good volunteers were hard at work checking the flames. Buckets were being passed, and the contents thrown with great precision at the portions of the roof in flames. As soon as the hose did get play on, the flames were at once put out. Fortunately there was no wind, and the heavy frost on the roof checked the flames. Mr Bosch estimates his loss at 1.640, which is fully covered by insurance.

The following paragraph from the 'New Zealand Times' refers to a lad well-known in Dunedin, who was taken from the Reformatory: 'A lad named Gealey, an apprentice on board the Luna, has been missing from the vessel for the past day or two. Being of rather an erratic disposition, he has upon several occasions absented himself from the vessel, the latest instance of this kind of dereliction happening during the present week. Captain Fairchild, feeling an interest in the boy, who is only fourteen years old, discovered his whereabouts, brought him back, and placed him in his own quarters on board the Luna. Some indispensable articles of clothing were taken from him when he was to be tied to prevent him 'bolting' during the night, but despite all precautions he was not seen in the morning, and may have escaped overboard.'

The superstition of the Maoris is as surprising as their cool contempt for the law. From the 'Poverty Bay Standard' we learn that a report has reached Gisborne of the murder of an old native at Papawai near Waipapu. It seems a young fellow named Paikakariki was taken ill and died, his death being attributed to the witchcraft of an old man named Pohiriki. Two men went to where the old man was living, and found him sitting with a child on his knee. One of them then shot the poor old fellow through the breast, and he did not fall, the other fired and killed him. The murderers are well-known, but it seems that nothing is to be done. The murderers are said to be well-known.
